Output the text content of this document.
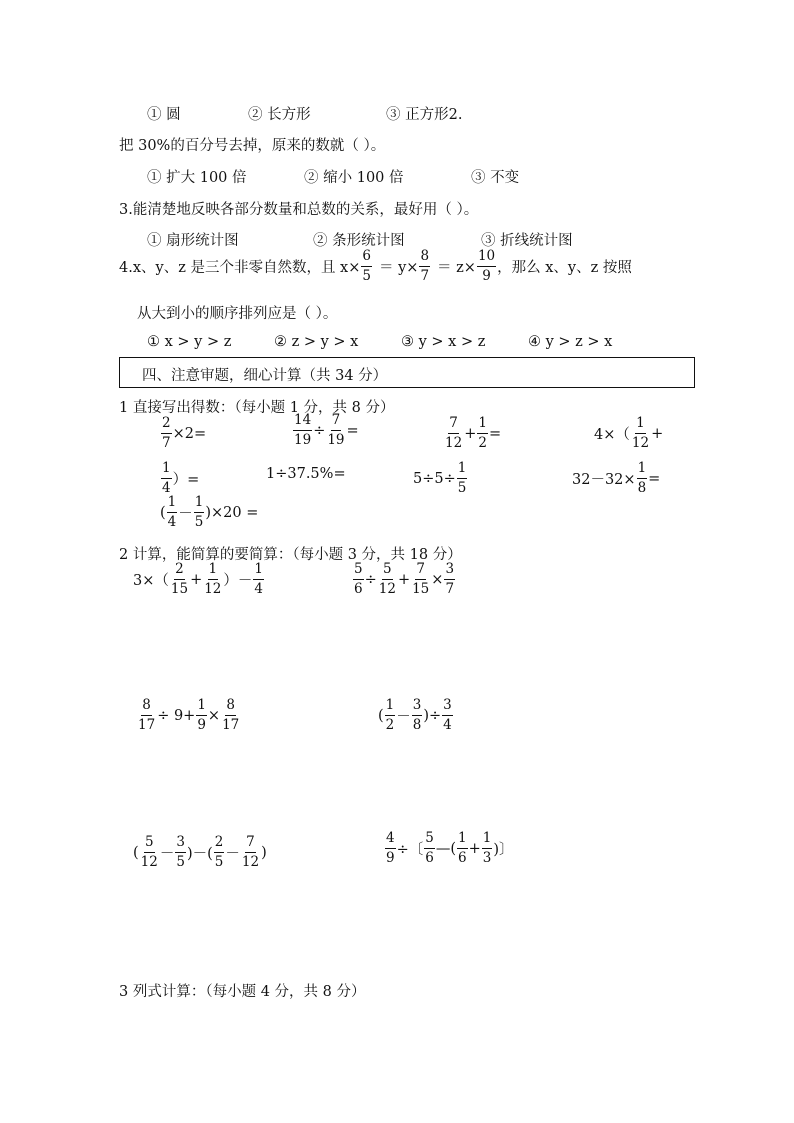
① 圆	② 长方形	③ 正方形2.
把 30%的百分号去掉，原来的数就（ ）。
① 扩大 100 倍	② 缩小 100 倍	③ 不变
3.能清楚地反映各部分数量和总数的关系，最好用（ ）。
① 扇形统计图	② 条形统计图	③ 折线统计图
4.x、y、z 是三个非零自然数，且 $x\times \frac{6}{5} = y\times \frac{8}{7} = z\times \frac{10}{9}$ ，那么 x、y、z 按照
从大到小的顺序排列应是（ ）。
① x > y > z	② z > y > x	③ y > x > z	④ y > z > x
四、注意审题，细心计算（共 34 分）
1 直接写出得数：（每小题 1 分，共 8 分）
$\frac{2}{7} \times 2=$	$\frac{14}{19} \div \frac{7}{19}$ =	$\frac{7}{12} + \frac{1}{2}$ =	$4\times( \frac{1}{12}$ +
$\frac{1}{4}$ ）=	1÷37.5%=	$5\div 5\div \frac{1}{5}$	$32-32\times \frac{1}{8}$ =
( $\frac{1}{4} - \frac{1}{5} )\times 20$ =
2 计算，能简算的要简算：（每小题 3 分，共 18 分）
$3\times( \frac{2}{15} + \frac{1}{12}$ ）－ $\frac{1}{4}$	$\frac{5}{6} \div \frac{5}{12} + \frac{7}{15} \times \frac{3}{7}$
$\frac{8}{17} \div 9+ \frac{1}{9} \times \frac{8}{17}$	( $\frac{1}{2} - \frac{3}{8}$ )÷ $\frac{3}{4}$
( $\frac{5}{12} - \frac{3}{5}$ )－( $\frac{2}{5} - \frac{7}{12}$ )	$\frac{4}{9}$ ÷〔 $\frac{5}{6}$ —( $\frac{1}{6} + \frac{1}{3}$ )〕
3 列式计算：（每小题 4 分，共 8 分）
